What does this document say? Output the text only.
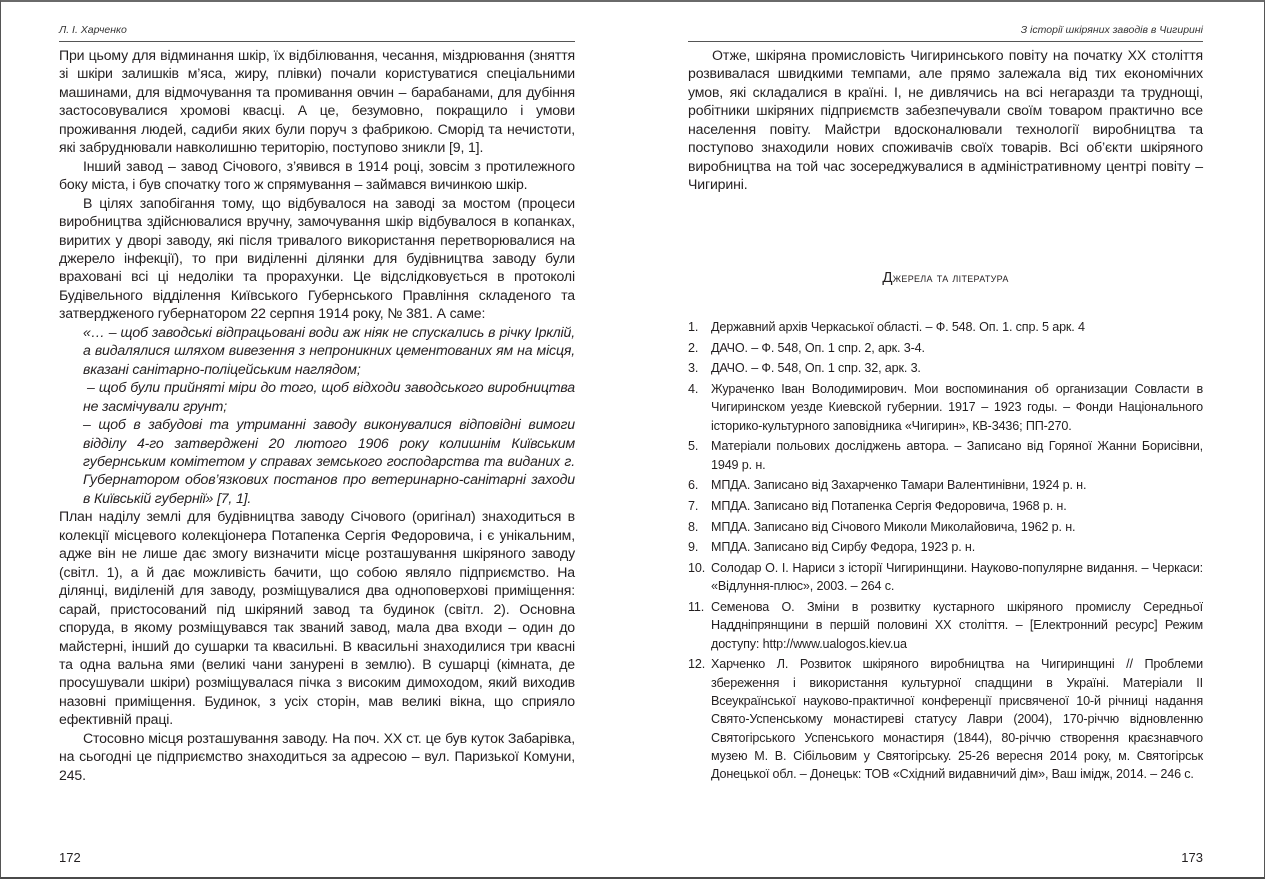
Л. І. Харченко

При цьому для відминання шкір, їх відбілювання, чесання, міздрювання (зняття зі шкіри залишків м’яса, жиру, плівки) почали користуватися спеціальними машинами, для відмочування та промивання овчин – барабанами, для дубіння застосовувалися хромові квасці. А це, безумовно, покращило і умови проживання людей, садиби яких були поруч з фабрикою. Сморід та нечистоти, які забруднювали навколишню територію, поступово зникли [9, 1].

Інший завод – завод Січового, з’явився в 1914 році, зовсім з протилежного боку міста, і був спочатку того ж спрямування – займався вичинкою шкір.

В цілях запобігання тому, що відбувалося на заводі за мостом (процеси виробництва здійснювалися вручну, замочування шкір відбувалося в копанках, виритих у дворі заводу, які після тривалого використання перетворювалися на джерело інфекції), то при виділенні ділянки для будівництва заводу були враховані всі ці недоліки та прорахунки. Це відслідковується в протоколі Будівельного відділення Київського Губернського Правління складеного та затвердженого губернатором 22 серпня 1914 року, № 381. А саме:

«… – щоб заводські відпрацьовані води аж ніяк не спускались в річку Ірклій, а видалялися шляхом вивезення з непроникних цементованих ям на місця, вказані санітарно-поліцейським наглядом;

– щоб були прийняті міри до того, щоб відходи заводського виробництва не засмічували грунт;

– щоб в забудові та утриманні заводу виконувалися відповідні вимоги відділу 4-го затверджені 20 лютого 1906 року колишнім Київським губернським комітетом у справах земського господарства та виданих г. Губернатором обов’язкових постанов про ветеринарно-санітарні заходи в Київській губернії» [7, 1].

План наділу землі для будівництва заводу Січового (оригінал) знаходиться в колекції місцевого колекціонера Потапенка Сергія Федоровича, і є унікальним, адже він не лише дає змогу визначити місце розташування шкіряного заводу (світл. 1), а й дає можливість бачити, що собою являло підприємство. На ділянці, виділеній для заводу, розміщувалися два одноповерхові приміщення: сарай, пристосований під шкіряний завод та будинок (світл. 2). Основна споруда, в якому розміщувався так званий завод, мала два входи – один до майстерні, інший до сушарки та квасильні. В квасильні знаходилися три квасні та одна вальна ями (великі чани занурені в землю). В сушарці (кімната, де просушували шкіри) розміщувалася пічка з високим димоходом, який виходив назовні приміщення. Будинок, з усіх сторін, мав великі вікна, що сприяло ефективній праці.

Стосовно місця розташування заводу. На поч. XX ст. це був куток Забарівка, на сьогодні це підприємство знаходиться за адресою – вул. Паризької Комуни, 245.

172
З історії шкіряних заводів в Чигирині

Отже, шкіряна промисловість Чигиринського повіту на початку XX століття розвивалася швидкими темпами, але прямо залежала від тих економічних умов, які складалися в країні. І, не дивлячись на всі негаразди та труднощі, робітники шкіряних підприємств забезпечували своїм товаром практично все населення повіту. Майстри вдосконалювали технології виробництва та поступово знаходили нових споживачів своїх товарів. Всі об’єкти шкіряного виробництва на той час зосереджувалися в адміністративному центрі повіту – Чигирині.

Джерела та література
1.	Державний архів Черкаської області. – Ф. 548. Оп. 1. спр. 5 арк. 4
2.	ДАЧО. – Ф. 548, Оп. 1 спр. 2, арк. 3-4.
3.	ДАЧО. – Ф. 548, Оп. 1 спр. 32, арк. 3.
4.	Жураченко Іван Володимирович. Мои воспоминания об организации Совласти в Чигиринском уезде Киевской губернии. 1917 – 1923 годы. – Фонди Національного історико-культурного заповідника «Чигирин», КВ-3436; ПП-270.
5.	Матеріали польових досліджень автора. – Записано від Горяної Жанни Борисівни, 1949 р. н.
6.	МПДА. Записано від Захарченко Тамари Валентинівни, 1924 р. н.
7.	МПДА. Записано від Потапенка Сергія Федоровича, 1968 р. н.
8.	МПДА. Записано від Січового Миколи Миколайовича, 1962 р. н.
9.	МПДА. Записано від Сирбу Федора, 1923 р. н.
10. Солодар О. І. Нариси з історії Чигиринщини. Науково-популярне видання. – Черкаси: «Відлуння-плюс», 2003. – 264 с.
11. Семенова О. Зміни в розвитку кустарного шкіряного промислу Середньої Наддніпрянщини в першій половині XX століття. – [Електронний ресурс] Режим доступу: http://www.ualogos.kiev.ua
12. Харченко Л. Розвиток шкіряного виробництва на Чигиринщині // Проблеми збереження і використання культурної спадщини в Україні. Матеріали ІІ Всеукраїнської науково-практичної конференції присвяченої 10-й річниці надання Свято-Успенському монастиреві статусу Лаври (2004), 170-річчю відновленню Святогірського Успенського монастиря (1844), 80-річчю створення краєзнавчого музею М. В. Сібільовим у Святогірську. 25-26 вересня 2014 року, м. Святогірськ Донецької обл. – Донецьк: ТОВ «Східний видавничий дім», Ваш імідж, 2014. – 246 с.
173
